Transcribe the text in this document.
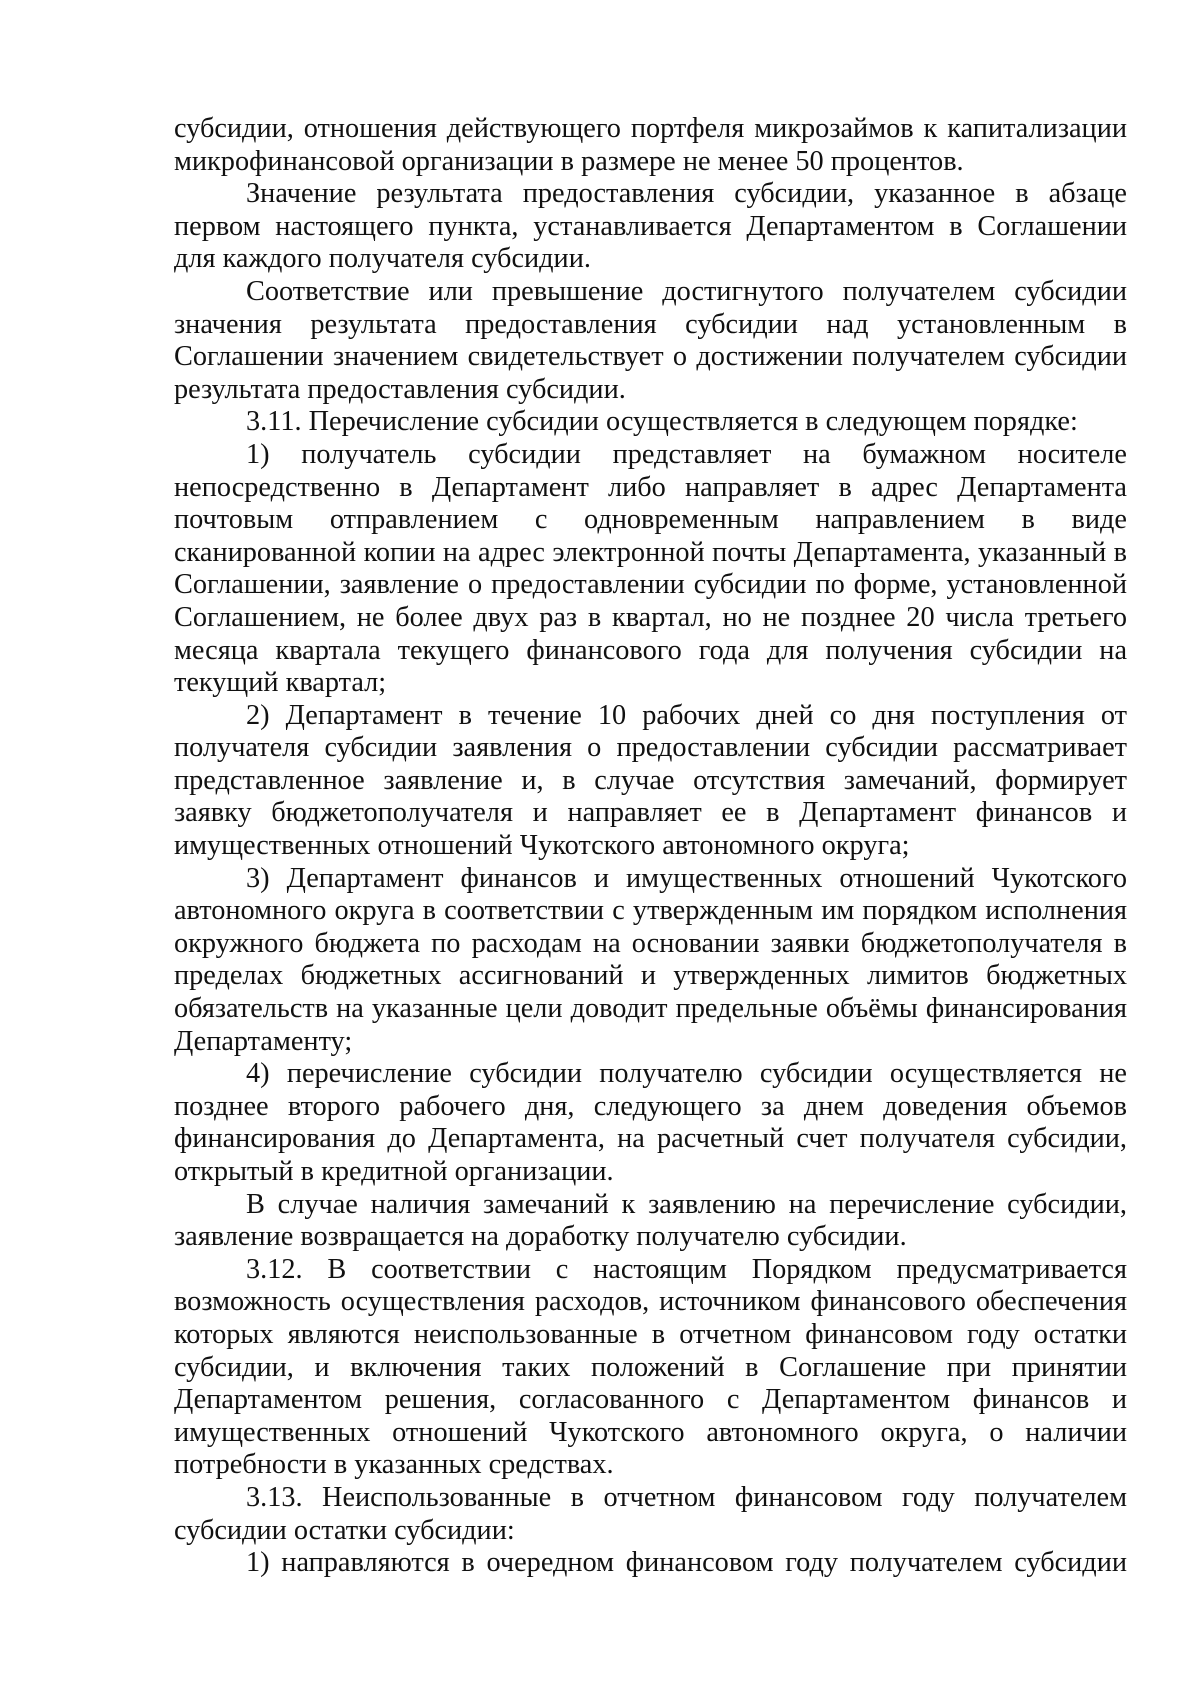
субсидии, отношения действующего портфеля микрозаймов к капитализации микрофинансовой организации в размере не менее 50 процентов.

Значение результата предоставления субсидии, указанное в абзаце первом настоящего пункта, устанавливается Департаментом в Соглашении для каждого получателя субсидии.

Соответствие или превышение достигнутого получателем субсидии значения результата предоставления субсидии над установленным в Соглашении значением свидетельствует о достижении получателем субсидии результата предоставления субсидии.

3.11. Перечисление субсидии осуществляется в следующем порядке:

1) получатель субсидии представляет на бумажном носителе непосредственно в Департамент либо направляет в адрес Департамента почтовым отправлением с одновременным направлением в виде сканированной копии на адрес электронной почты Департамента, указанный в Соглашении, заявление о предоставлении субсидии по форме, установленной Соглашением, не более двух раз в квартал, но не позднее 20 числа третьего месяца квартала текущего финансового года для получения субсидии на текущий квартал;

2) Департамент в течение 10 рабочих дней со дня поступления от получателя субсидии заявления о предоставлении субсидии рассматривает представленное заявление и, в случае отсутствия замечаний, формирует заявку бюджетополучателя и направляет ее в Департамент финансов и имущественных отношений Чукотского автономного округа;

3) Департамент финансов и имущественных отношений Чукотского автономного округа в соответствии с утвержденным им порядком исполнения окружного бюджета по расходам на основании заявки бюджетополучателя в пределах бюджетных ассигнований и утвержденных лимитов бюджетных обязательств на указанные цели доводит предельные объёмы финансирования Департаменту;

4) перечисление субсидии получателю субсидии осуществляется не позднее второго рабочего дня, следующего за днем доведения объемов финансирования до Департамента, на расчетный счет получателя субсидии, открытый в кредитной организации.

В случае наличия замечаний к заявлению на перечисление субсидии, заявление возвращается на доработку получателю субсидии.

3.12. В соответствии с настоящим Порядком предусматривается возможность осуществления расходов, источником финансового обеспечения которых являются неиспользованные в отчетном финансовом году остатки субсидии, и включения таких положений в Соглашение при принятии Департаментом решения, согласованного с Департаментом финансов и имущественных отношений Чукотского автономного округа, о наличии потребности в указанных средствах.

3.13. Неиспользованные в отчетном финансовом году получателем субсидии остатки субсидии:

1) направляются в очередном финансовом году получателем субсидии
